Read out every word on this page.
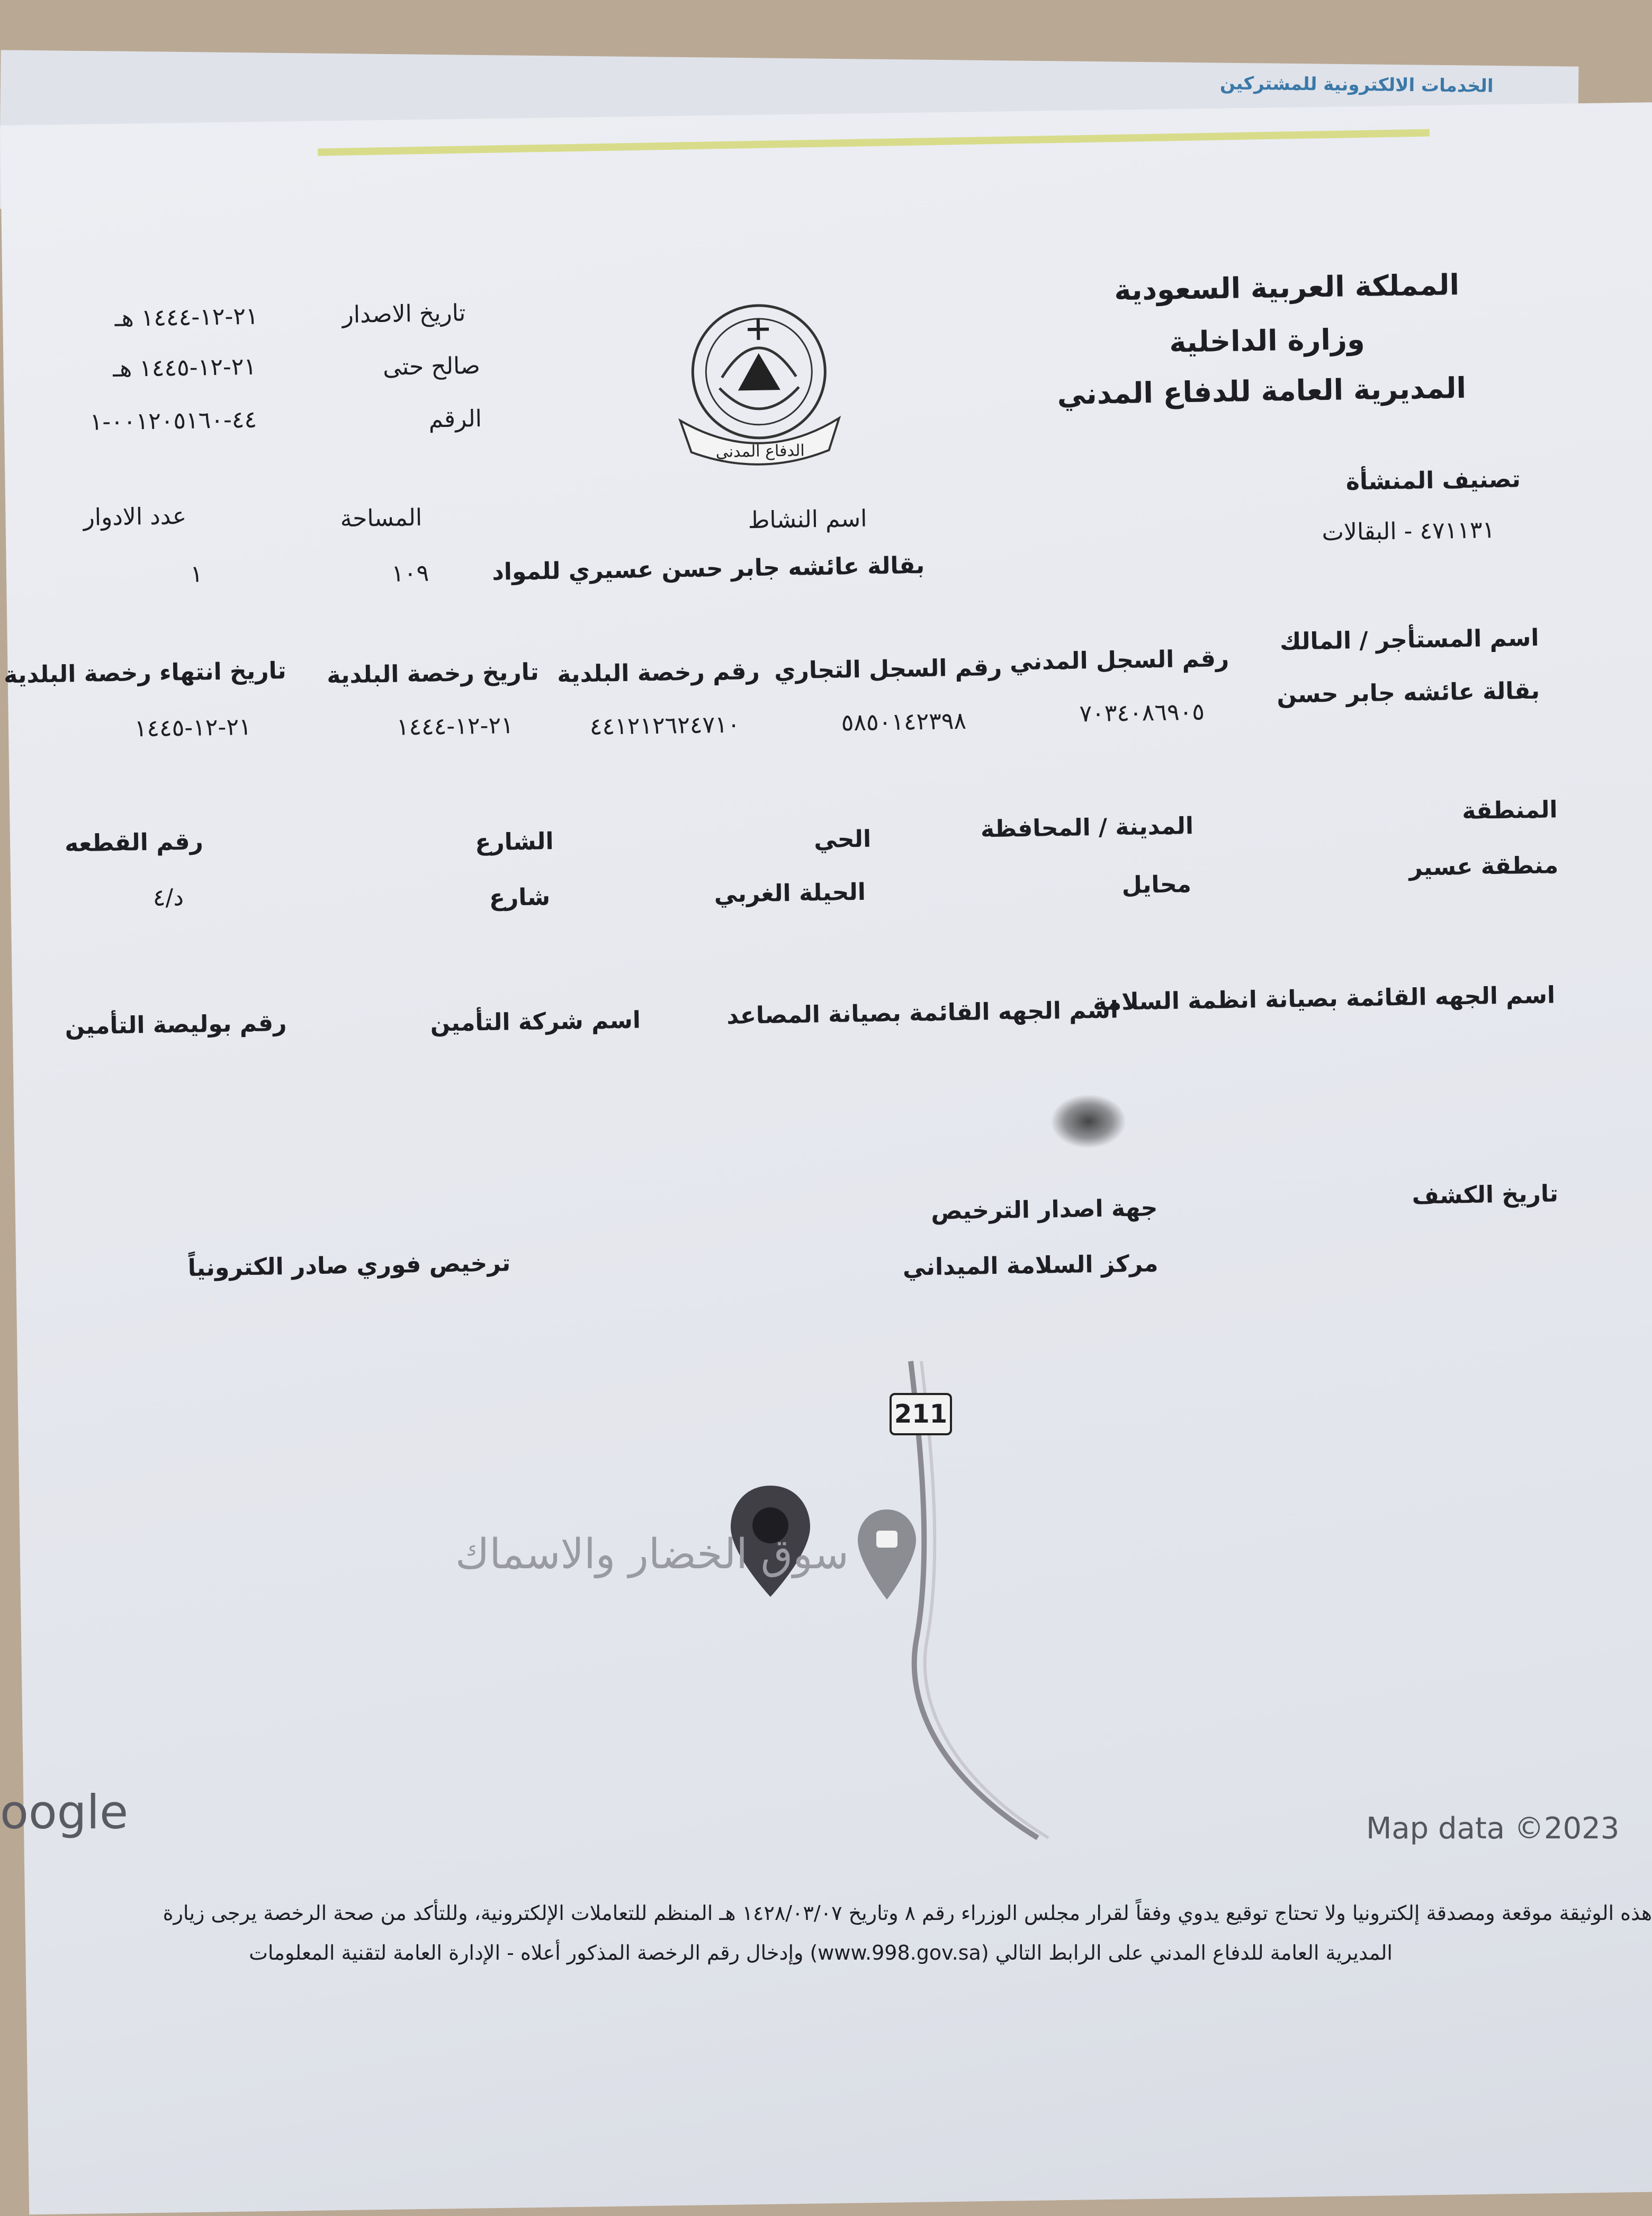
الخدمات الالكترونية للمشتركين
المملكة العربية السعودية
وزارة الداخلية
المديرية العامة للدفاع المدني
الدفاع المدني
تاريخ الاصدار
٢١-١٢-١٤٤٤ هـ
صالح حتى
٢١-١٢-١٤٤٥ هـ
الرقم
٤٤-٠٠١٢٠٥١٦٠-١
تصنيف المنشأة
٤٧١١٣١ - البقالات
اسم النشاط
بقالة عائشه جابر حسن عسيري للمواد
المساحة
١٠٩
عدد الادوار
١
اسم المستأجر / المالك
بقالة عائشه جابر حسن
رقم السجل المدني
٧٠٣٤٠٨٦٩٠٥
رقم السجل التجاري
٥٨٥٠١٤٢٣٩٨
رقم رخصة البلدية
٤٤١٢١٢٦٢٤٧١٠
تاريخ رخصة البلدية
٢١-١٢-١٤٤٤
تاريخ انتهاء رخصة البلدية
٢١-١٢-١٤٤٥
المنطقة
منطقة عسير
المدينة / المحافظة
محايل
الحي
الحيلة الغربي
الشارع
شارع
رقم القطعه
د/٤
اسم الجهه القائمة بصيانة انظمة السلامة
اسم الجهه القائمة بصيانة المصاعد
اسم شركة التأمين
رقم بوليصة التأمين
تاريخ الكشف
جهة اصدار الترخيص
مركز السلامة الميداني
ترخيص فوري صادر الكترونياً
211
سوق الخضار والاسماك
oogle	Map data ©2023
هذه الوثيقة موقعة ومصدقة إلكترونيا ولا تحتاج توقيع يدوي وفقاً لقرار مجلس الوزراء رقم ٨ وتاريخ ١٤٢٨/٠٣/٠٧ هـ المنظم للتعاملات الإلكترونية، وللتأكد من صحة الرخصة يرجى زيارة
المديرية العامة للدفاع المدني على الرابط التالي (www.998.gov.sa) وإدخال رقم الرخصة المذكور أعلاه - الإدارة العامة لتقنية المعلومات
